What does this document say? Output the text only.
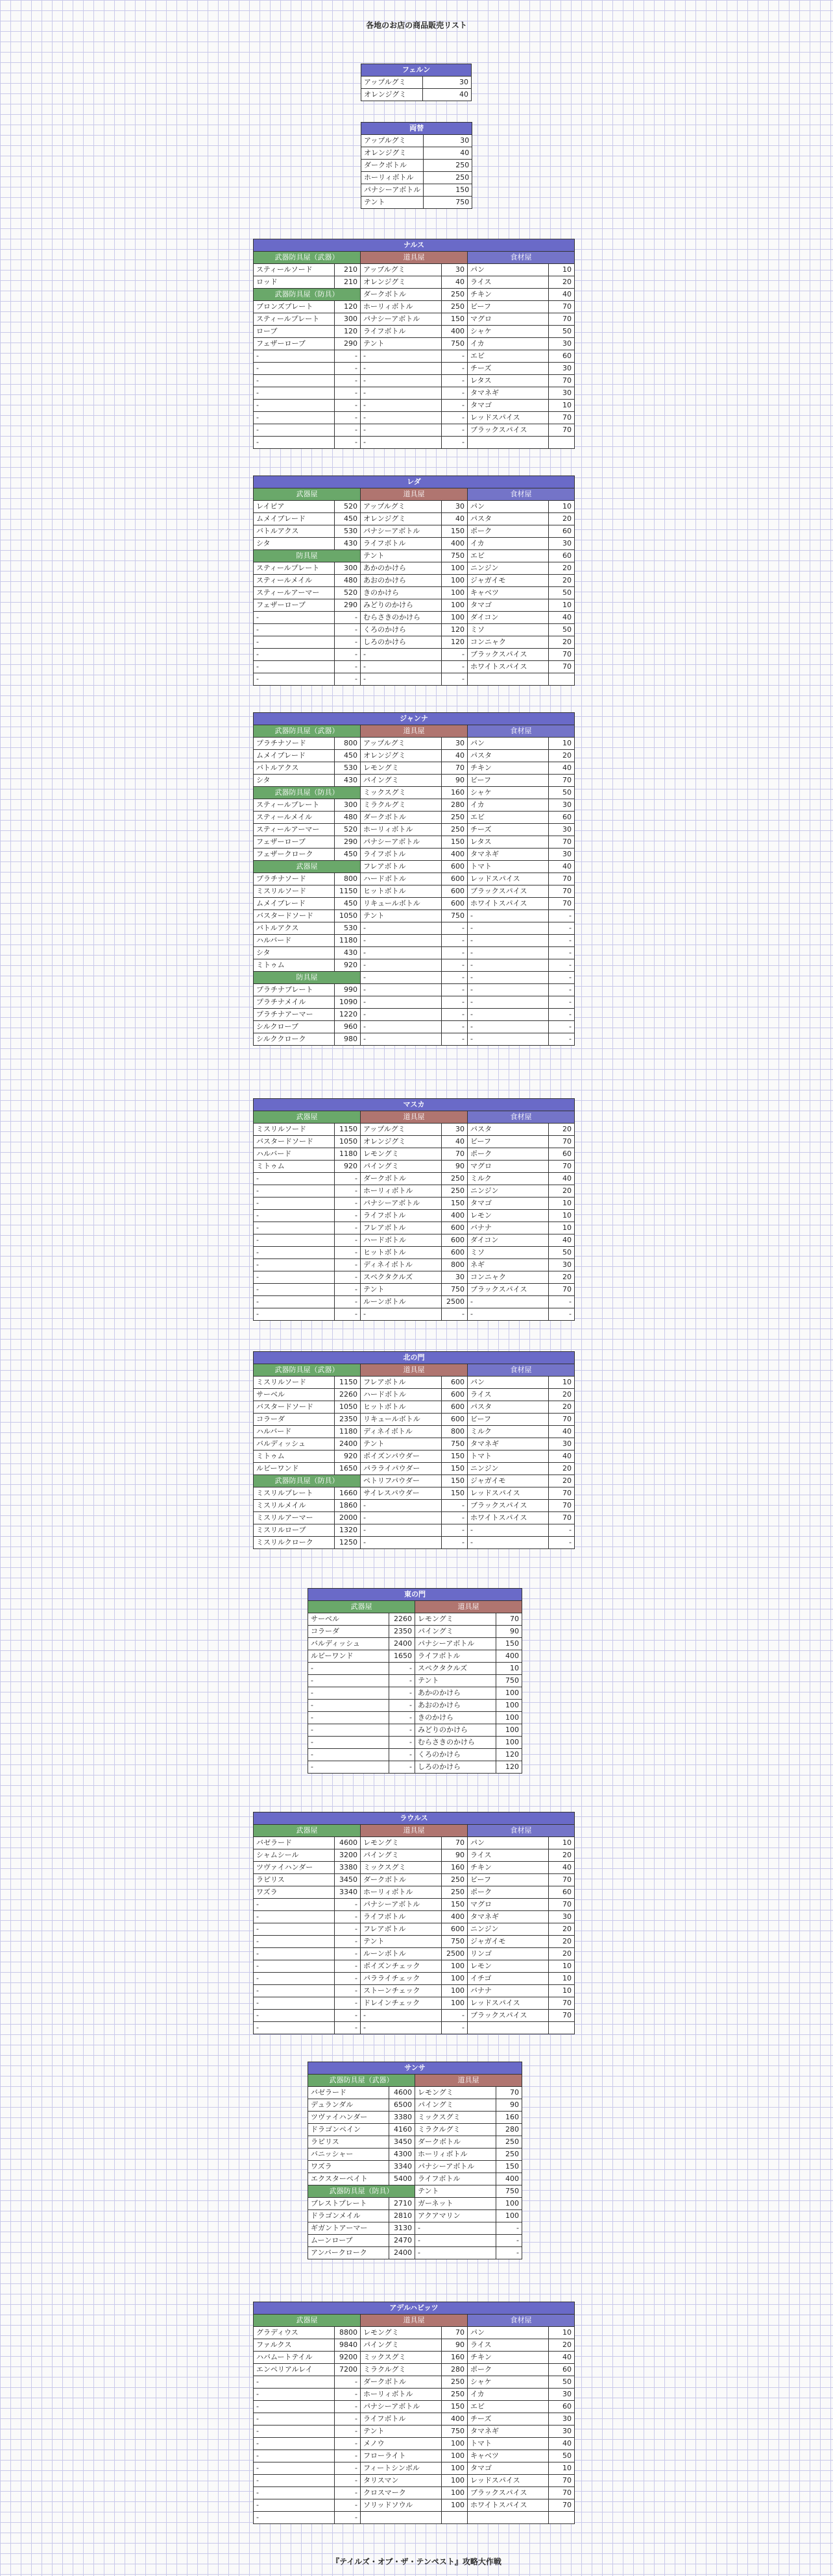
各地のお店の商品販売リスト
フェルン	
アップルグミ	30
オレンジグミ	40
両替	
アップルグミ	30
オレンジグミ	40
ダークボトル	250
ホーリィボトル	250
パナシーアボトル	150
テント	750
ナルス					
武器防具屋（武器）		道具屋		食材屋	
スティールソード	210	アップルグミ	30	パン	10
ロッド	210	オレンジグミ	40	ライス	20
武器防具屋（防具）		ダークボトル	250	チキン	40
ブロンズプレート	120	ホーリィボトル	250	ビーフ	70
スティールプレート	300	パナシーアボトル	150	マグロ	70
ローブ	120	ライフボトル	400	シャケ	50
フェザーローブ	290	テント	750	イカ	30
-	-	-	-	エビ	60
-	-	-	-	チーズ	30
-	-	-	-	レタス	70
-	-	-	-	タマネギ	30
-	-	-	-	タマゴ	10
-	-	-	-	レッドスパイス	70
-	-	-	-	ブラックスパイス	70
-	-	-	-		
レダ					
武器屋		道具屋		食材屋	
レイピア	520	アップルグミ	30	パン	10
ムメイブレード	450	オレンジグミ	40	パスタ	20
バトルアクス	530	パナシーアボトル	150	ポーク	60
シタ	430	ライフボトル	400	イカ	30
防具屋		テント	750	エビ	60
スティールプレート	300	あかのかけら	100	ニンジン	20
スティールメイル	480	あおのかけら	100	ジャガイモ	20
スティールアーマー	520	きのかけら	100	キャベツ	50
フェザーローブ	290	みどりのかけら	100	タマゴ	10
-	-	むらさきのかけら	100	ダイコン	40
-	-	くろのかけら	120	ミソ	50
-	-	しろのかけら	120	コンニャク	20
-	-	-	-	ブラックスパイス	70
-	-	-	-	ホワイトスパイス	70
-	-	-	-		
ジャンナ					
武器防具屋（武器）		道具屋		食材屋	
プラチナソード	800	アップルグミ	30	パン	10
ムメイブレード	450	オレンジグミ	40	パスタ	20
バトルアクス	530	レモングミ	70	チキン	40
シタ	430	パイングミ	90	ビーフ	70
武器防具屋（防具）		ミックスグミ	160	シャケ	50
スティールプレート	300	ミラクルグミ	280	イカ	30
スティールメイル	480	ダークボトル	250	エビ	60
スティールアーマー	520	ホーリィボトル	250	チーズ	30
フェザーローブ	290	パナシーアボトル	150	レタス	70
フェザークローク	450	ライフボトル	400	タマネギ	30
武器屋		フレアボトル	600	トマト	40
プラチナソード	800	ハードボトル	600	レッドスパイス	70
ミスリルソード	1150	ヒットボトル	600	ブラックスパイス	70
ムメイブレード	450	リキュールボトル	600	ホワイトスパイス	70
バスタードソード	1050	テント	750	-	-
バトルアクス	530	-	-	-	-
ハルバード	1180	-	-	-	-
シタ	430	-	-	-	-
ミトゥム	920	-	-	-	-
防具屋		-	-	-	-
プラチナプレート	990	-	-	-	-
プラチナメイル	1090	-	-	-	-
プラチナアーマー	1220	-	-	-	-
シルクローブ	960	-	-	-	-
シルククローク	980	-	-	-	-
マスカ					
武器屋		道具屋		食材屋	
ミスリルソード	1150	アップルグミ	30	パスタ	20
バスタードソード	1050	オレンジグミ	40	ビーフ	70
ハルバード	1180	レモングミ	70	ポーク	60
ミトゥム	920	パイングミ	90	マグロ	70
-	-	ダークボトル	250	ミルク	40
-	-	ホーリィボトル	250	ニンジン	20
-	-	パナシーアボトル	150	タマゴ	10
-	-	ライフボトル	400	レモン	10
-	-	フレアボトル	600	バナナ	10
-	-	ハードボトル	600	ダイコン	40
-	-	ヒットボトル	600	ミソ	50
-	-	ディネイボトル	800	ネギ	30
-	-	スペクタクルズ	30	コンニャク	20
-	-	テント	750	ブラックスパイス	70
-	-	ルーンボトル	2500	-	-
-	-	-	-	-	-
北の門					
武器防具屋（武器）		道具屋		食材屋	
ミスリルソード	1150	フレアボトル	600	パン	10
サーベル	2260	ハードボトル	600	ライス	20
バスタードソード	1050	ヒットボトル	600	パスタ	20
コラーダ	2350	リキュールボトル	600	ビーフ	70
ハルバード	1180	ディネイボトル	800	ミルク	40
バルディッシュ	2400	テント	750	タマネギ	30
ミトゥム	920	ポイズンパウダー	150	トマト	40
ルビーワンド	1650	パラライパウダー	150	ニンジン	20
武器防具屋（防具）		ペトリフパウダー	150	ジャガイモ	20
ミスリルプレート	1660	サイレスパウダー	150	レッドスパイス	70
ミスリルメイル	1860	-	-	ブラックスパイス	70
ミスリルアーマー	2000	-	-	ホワイトスパイス	70
ミスリルローブ	1320	-	-	-	-
ミスリルクローク	1250	-	-	-	-
東の門			
武器屋		道具屋	
サーベル	2260	レモングミ	70
コラーダ	2350	パイングミ	90
バルディッシュ	2400	パナシーアボトル	150
ルビーワンド	1650	ライフボトル	400
-	-	スペクタクルズ	10
-	-	テント	750
-	-	あかのかけら	100
-	-	あおのかけら	100
-	-	きのかけら	100
-	-	みどりのかけら	100
-	-	むらさきのかけら	100
-	-	くろのかけら	120
-	-	しろのかけら	120
ラウルス					
武器屋		道具屋		食材屋	
バゼラード	4600	レモングミ	70	パン	10
シャムシール	3200	パイングミ	90	ライス	20
ツヴァイハンダー	3380	ミックスグミ	160	チキン	40
ラピリス	3450	ダークボトル	250	ビーフ	70
ワズラ	3340	ホーリィボトル	250	ポーク	60
-	-	パナシーアボトル	150	マグロ	70
-	-	ライフボトル	400	タマネギ	30
-	-	フレアボトル	600	ニンジン	20
-	-	テント	750	ジャガイモ	20
-	-	ルーンボトル	2500	リンゴ	20
-	-	ポイズンチェック	100	レモン	10
-	-	パラライチェック	100	イチゴ	10
-	-	ストーンチェック	100	バナナ	10
-	-	ドレインチェック	100	レッドスパイス	70
-	-	-	-	ブラックスパイス	70
-	-	-	-		
サンサ			
武器防具屋（武器）		道具屋	
バゼラード	4600	レモングミ	70
デュランダル	6500	パイングミ	90
ツヴァイハンダー	3380	ミックスグミ	160
ドラゴンペイン	4160	ミラクルグミ	280
ラピリス	3450	ダークボトル	250
バニッシャー	4300	ホーリィボトル	250
ワズラ	3340	パナシーアボトル	150
エクスターペイト	5400	ライフボトル	400
武器防具屋（防具）		テント	750
ブレストプレート	2710	ガーネット	100
ドラゴンメイル	2810	アクアマリン	100
ギガントアーマー	3130	-	-
ムーンローブ	2470	-	-
アンバークローク	2400	-	-
アデルハビッツ					
武器屋		道具屋		食材屋	
グラディウス	8800	レモングミ	70	パン	10
ファルクス	9840	パイングミ	90	ライス	20
ハバムートテイル	9200	ミックスグミ	160	チキン	40
エンペリアルレイ	7200	ミラクルグミ	280	ポーク	60
-	-	ダークボトル	250	シャケ	50
-	-	ホーリィボトル	250	イカ	30
-	-	パナシーアボトル	150	エビ	60
-	-	ライフボトル	400	チーズ	30
-	-	テント	750	タマネギ	30
-	-	メノウ	100	トマト	40
-	-	フローライト	100	キャベツ	50
-	-	フィートシンボル	100	タマゴ	10
-	-	タリスマン	100	レッドスパイス	70
-	-	クロスマーク	100	ブラックスパイス	70
-	-	ソリッドソウル	100	ホワイトスパイス	70
-	-				
『テイルズ・オブ・ザ・テンペスト』攻略大作戦
